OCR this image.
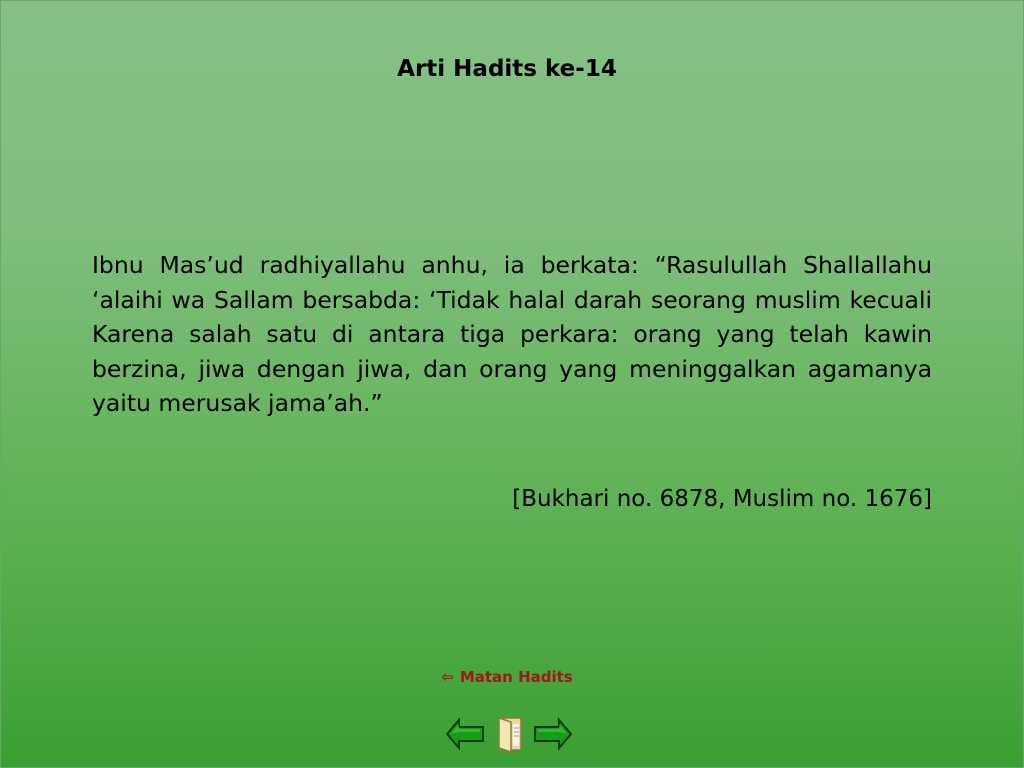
Arti Hadits ke-14
Ibnu Mas’ud radhiyallahu anhu, ia berkata: “Rasulullah Shallallahu ‘alaihi wa Sallam bersabda: ‘Tidak halal darah seorang muslim kecuali Karena salah satu di antara tiga perkara: orang yang telah kawin berzina, jiwa dengan jiwa, dan orang yang meninggalkan agamanya yaitu merusak jama’ah.”
[Bukhari no. 6878, Muslim no. 1676]
⇦ Matan Hadits
